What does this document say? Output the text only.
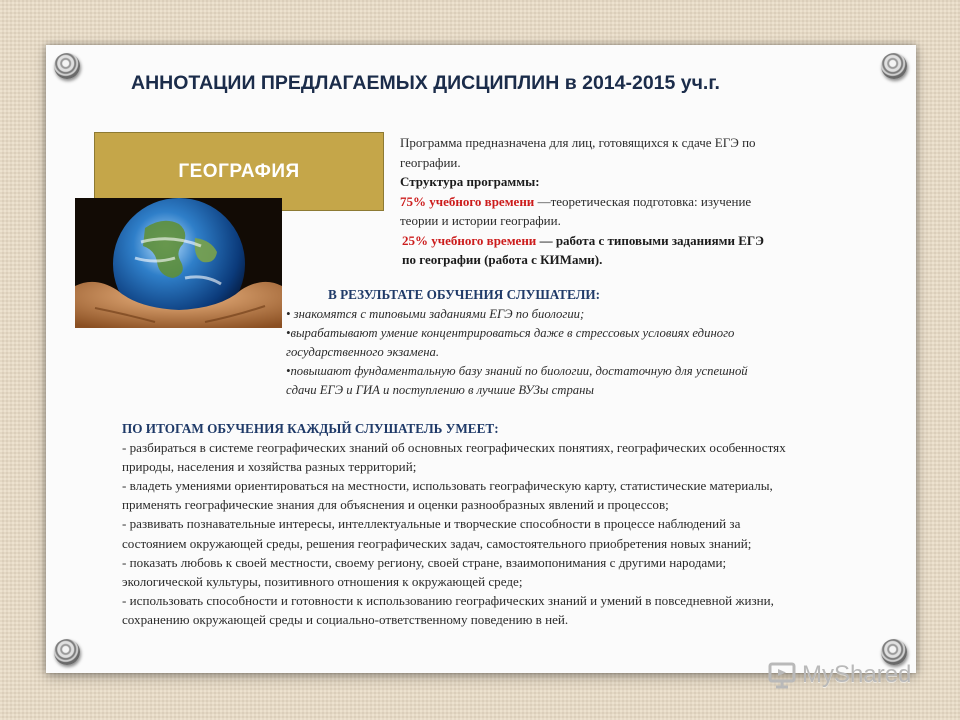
АННОТАЦИИ ПРЕДЛАГАЕМЫХ ДИСЦИПЛИН в 2014-2015 уч.г.
ГЕОГРАФИЯ
Программа предназначена для лиц, готовящихся к сдаче ЕГЭ по
географии.
Структура программы:
75% учебного времени —теоретическая подготовка: изучение
теории и истории географии.
25% учебного времени — работа с типовыми заданиями ЕГЭ
по географии (работа с КИМами).
В РЕЗУЛЬТАТЕ ОБУЧЕНИЯ СЛУШАТЕЛИ:
• знакомятся с типовыми заданиями ЕГЭ по биологии;
•вырабатывают умение концентрироваться даже в стрессовых условиях единого
государственного экзамена.
•повышают фундаментальную базу знаний по биологии, достаточную для успешной
сдачи ЕГЭ и ГИА и поступлению в лучшие ВУЗы страны
ПО ИТОГАМ ОБУЧЕНИЯ КАЖДЫЙ СЛУШАТЕЛЬ УМЕЕТ:
- разбираться в системе географических знаний об основных географических понятиях, географических особенностях
природы, населения и хозяйства разных территорий;
- владеть умениями ориентироваться на местности, использовать географическую карту, статистические материалы,
применять географические знания для объяснения и оценки разнообразных явлений и процессов;
- развивать познавательные интересы, интеллектуальные и творческие способности в процессе наблюдений за
состоянием окружающей среды, решения географических задач, самостоятельного приобретения новых знаний;
- показать любовь к своей местности, своему региону, своей стране, взаимопонимания с другими народами;
экологической культуры, позитивного отношения к окружающей среде;
- использовать способности и готовности к использованию географических знаний и умений в повседневной жизни,
сохранению окружающей среды и социально-ответственному поведению в ней.
MyShared
